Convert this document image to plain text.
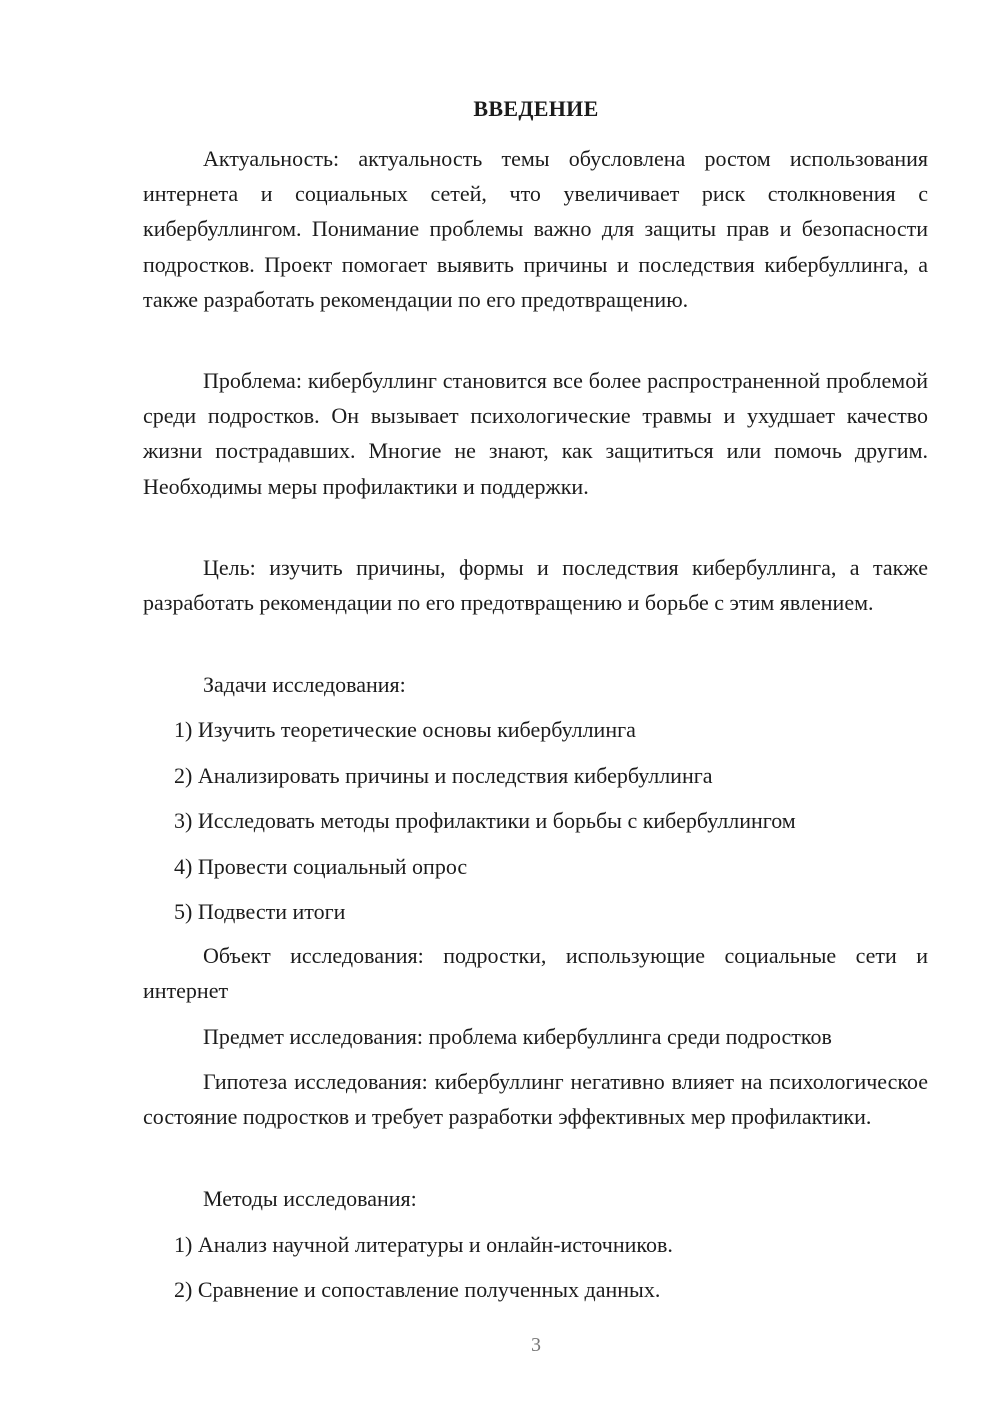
ВВЕДЕНИЕ
Актуальность: актуальность темы обусловлена ростом использования интернета и социальных сетей, что увеличивает риск столкновения с кибербуллингом. Понимание проблемы важно для защиты прав и безопасности подростков. Проект помогает выявить причины и последствия кибербуллинга, а также разработать рекомендации по его предотвращению.
Проблема: кибербуллинг становится все более распространенной проблемой среди подростков. Он вызывает психологические травмы и ухудшает качество жизни пострадавших. Многие не знают, как защититься или помочь другим. Необходимы меры профилактики и поддержки.
Цель: изучить причины, формы и последствия кибербуллинга, а также разработать рекомендации по его предотвращению и борьбе с этим явлением.
Задачи исследования:
1) Изучить теоретические основы кибербуллинга
2) Анализировать причины и последствия кибербуллинга
3) Исследовать методы профилактики и борьбы с кибербуллингом
4) Провести социальный опрос
5) Подвести итоги
Объект исследования: подростки, использующие социальные сети и интернет
Предмет исследования: проблема кибербуллинга среди подростков
Гипотеза исследования: кибербуллинг негативно влияет на психологическое состояние подростков и требует разработки эффективных мер профилактики.
Методы исследования:
1) Анализ научной литературы и онлайн-источников.
2) Сравнение и сопоставление полученных данных.
3
